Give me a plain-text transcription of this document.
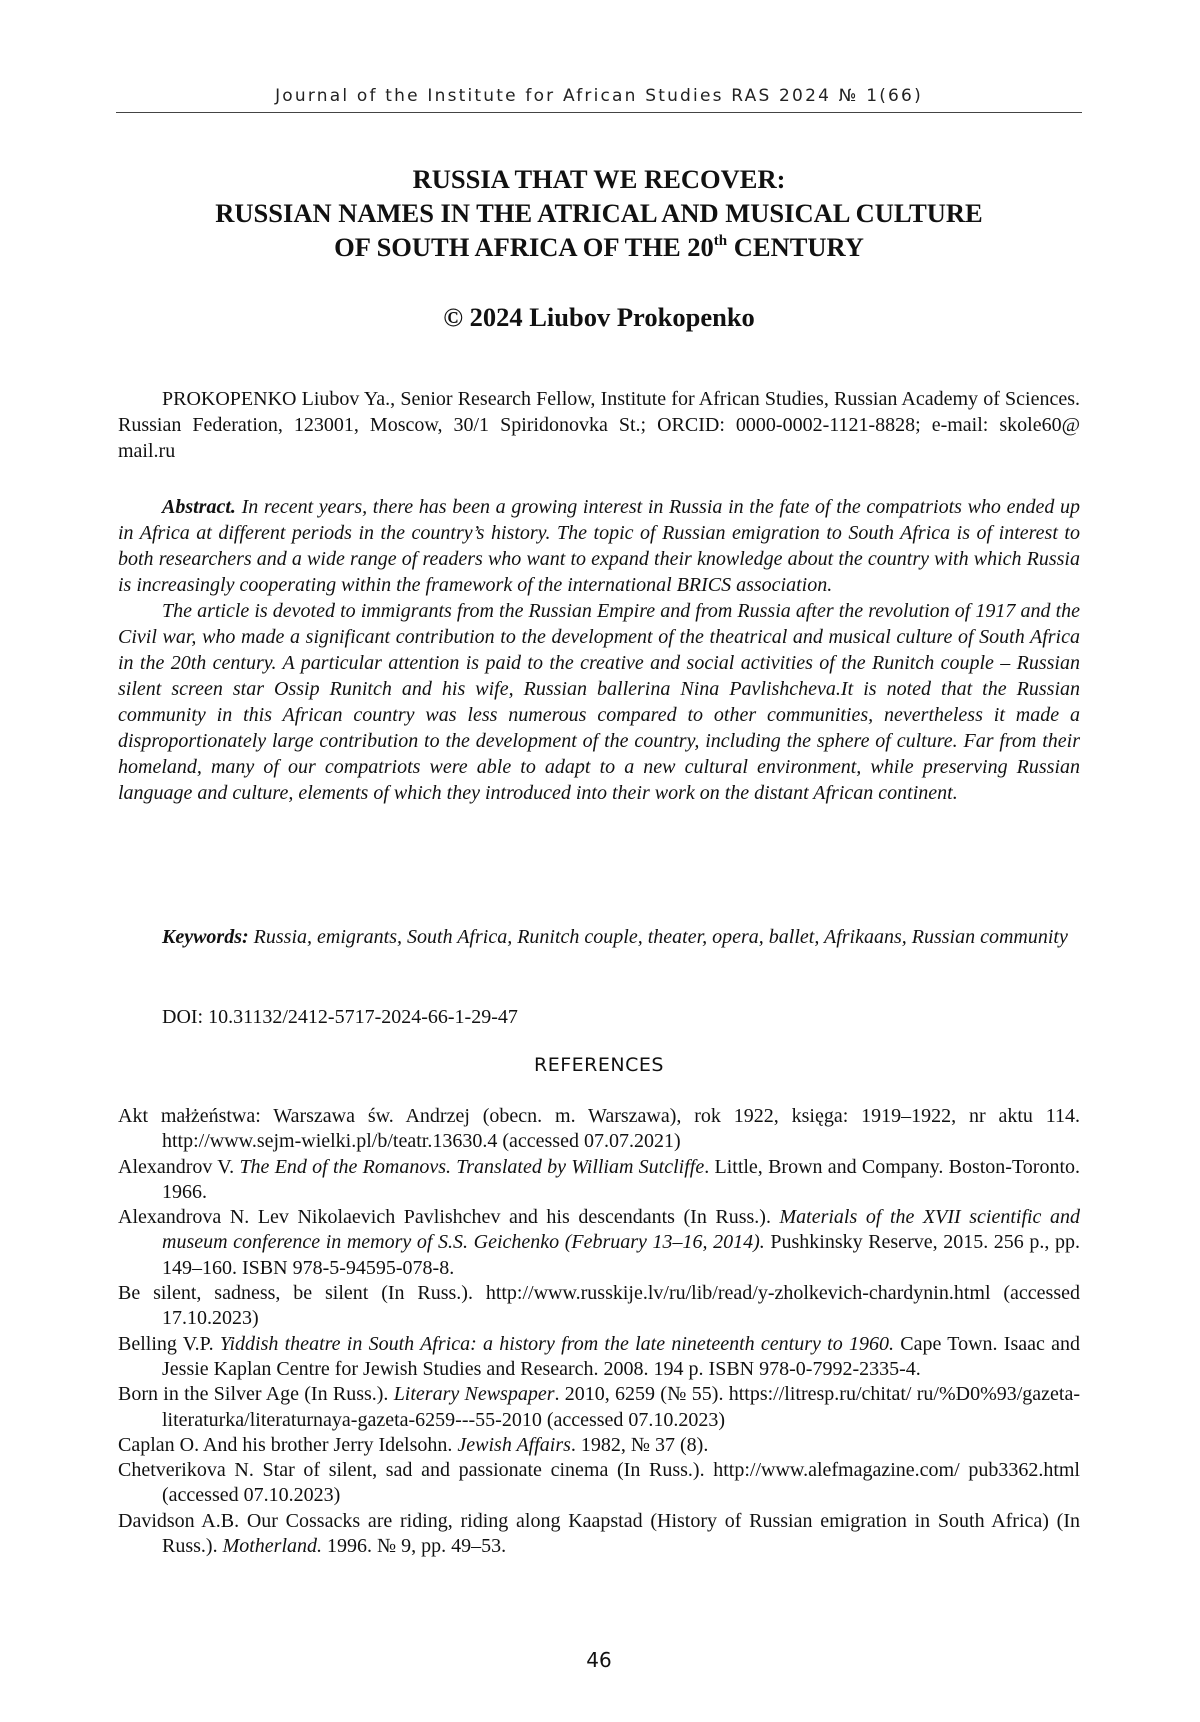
Journal of the Institute for African Studies RAS 2024 № 1(66)
RUSSIA THAT WE RECOVER:
RUSSIAN NAMES IN THE ATRICAL AND MUSICAL CULTURE
OF SOUTH AFRICA OF THE 20th CENTURY
© 2024 Liubov Prokopenko
PROKOPENKO Liubov Ya., Senior Research Fellow, Institute for African Studies, Russian Academy of Sciences. Russian Federation, 123001, Moscow, 30/1 Spiridonovka St.; ORCID: 0000-0002-1121-8828; e-mail: skole60@ mail.ru

Abstract. In recent years, there has been a growing interest in Russia in the fate of the compatriots who ended up in Africa at different periods in the country’s history. The topic of Russian emigration to South Africa is of interest to both researchers and a wide range of readers who want to expand their knowledge about the country with which Russia is increasingly cooperating within the framework of the international BRICS association.

The article is devoted to immigrants from the Russian Empire and from Russia after the revolution of 1917 and the Civil war, who made a significant contribution to the development of the theatrical and musical culture of South Africa in the 20th century. A particular attention is paid to the creative and social activities of the Runitch couple – Russian silent screen star Ossip Runitch and his wife, Russian ballerina Nina Pavlishcheva.It is noted that the Russian community in this African country was less numerous compared to other communities, nevertheless it made a disproportionately large contribution to the development of the country, including the sphere of culture. Far from their homeland, many of our compatriots were able to adapt to a new cultural environment, while preserving Russian language and culture, elements of which they introduced into their work on the distant African continent.

Keywords: Russia, emigrants, South Africa, Runitch couple, theater, opera, ballet, Afrikaans, Russian community
DOI: 10.31132/2412-5717-2024-66-1-29-47
REFERENCES

Akt małżeństwa: Warszawa św. Andrzej (obecn. m. Warszawa), rok 1922, księga: 1919–1922, nr aktu 114. http://www.sejm-wielki.pl/b/teatr.13630.4 (accessed 07.07.2021)

Alexandrov V. The End of the Romanovs. Translated by William Sutcliffe. Little, Brown and Company. Boston-Toronto. 1966.

Alexandrova N. Lev Nikolaevich Pavlishchev and his descendants (In Russ.). Materials of the XVII scientific and museum conference in memory of S.S. Geichenko (February 13–16, 2014). Pushkinsky Reserve, 2015. 256 p., pp. 149–160. ISBN 978-5-94595-078-8.

Be silent, sadness, be silent (In Russ.). http://www.russkije.lv/ru/lib/read/y-zholkevich-chardynin.html (accessed 17.10.2023)

Belling V.P. Yiddish theatre in South Africa: a history from the late nineteenth century to 1960. Cape Town. Isaac and Jessie Kaplan Centre for Jewish Studies and Research. 2008. 194 p. ISBN 978-0-7992-2335-4.

Born in the Silver Age (In Russ.). Literary Newspaper. 2010, 6259 (№ 55). https://litresp.ru/chitat/ ru/%D0%93/gazeta-literaturka/literaturnaya-gazeta-6259---55-2010 (accessed 07.10.2023)

Caplan O. And his brother Jerry Idelsohn. Jewish Affairs. 1982, № 37 (8).

Chetverikova N. Star of silent, sad and passionate cinema (In Russ.). http://www.alefmagazine.com/ pub3362.html (accessed 07.10.2023)

Davidson A.B. Our Cossacks are riding, riding along Kaapstad (History of Russian emigration in South Africa) (In Russ.). Motherland. 1996. № 9, pp. 49–53.

46
